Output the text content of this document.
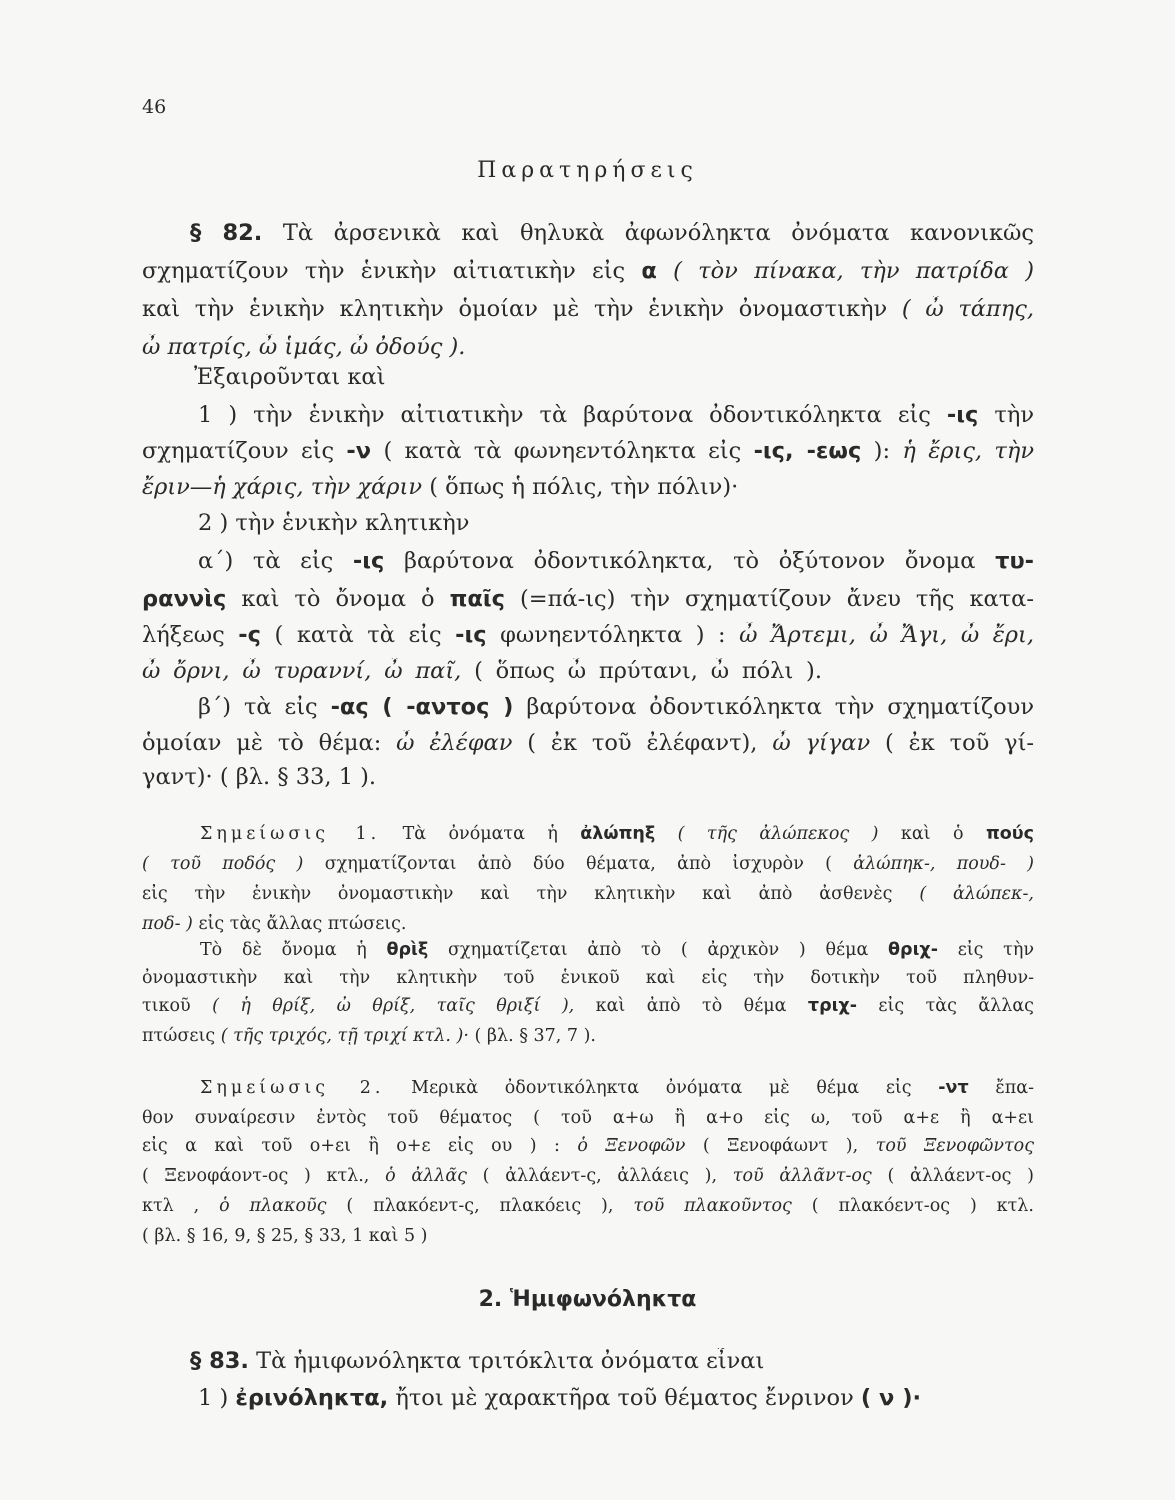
46
Παρατηρήσεις
§ 82. Τὰ ἀρσενικὰ καὶ θηλυκὰ ἀφωνόληκτα ὀνόματα κανονικῶς
σχηματίζουν τὴν ἑνικὴν αἰτιατικὴν εἰς α ( τὸν πίνακα, τὴν πατρίδα )
καὶ τὴν ἑνικὴν κλητικὴν ὁμοίαν μὲ τὴν ἑνικὴν ὀνομαστικὴν ( ὦ τάπης,
ὦ πατρίς, ὦ ἱμάς, ὦ ὀδούς ).
Ἐξαιροῦνται καὶ
1 ) τὴν ἑνικὴν αἰτιατικὴν τὰ βαρύτονα ὀδοντικόληκτα εἰς -ις τὴν
σχηματίζουν εἰς -ν ( κατὰ τὰ φωνηεντόληκτα εἰς -ις, -εως ): ἡ ἔρις, τὴν
ἔριν—ἡ χάρις, τὴν χάριν ( ὅπως ἡ πόλις, τὴν πόλιν)·
2 ) τὴν ἑνικὴν κλητικὴν
α΄) τὰ εἰς -ις βαρύτονα ὀδοντικόληκτα, τὸ ὀξύτονον ὄνομα τυ-
ραννὶς καὶ τὸ ὄνομα ὁ παῖς (=πά-ις) τὴν σχηματίζουν ἄνευ τῆς κατα-
λήξεως -ς ( κατὰ τὰ εἰς -ις φωνηεντόληκτα ) : ὦ Ἄρτεμι, ὦ Ἄγι, ὦ ἔρι,
ὦ ὄρνι, ὦ τυραννί, ὦ παῖ, ( ὅπως ὦ πρύτανι, ὦ πόλι ).
β΄) τὰ εἰς -ας ( -αντος ) βαρύτονα ὀδοντικόληκτα τὴν σχηματίζουν
ὁμοίαν μὲ τὸ θέμα: ὦ ἐλέφαν ( ἐκ τοῦ ἐλέφαντ), ὦ γίγαν ( ἐκ τοῦ γί-
γαντ)· ( βλ. § 33, 1 ).
Σημείωσις 1. Τὰ ὀνόματα ἡ ἀλώπηξ ( τῆς ἀλώπεκος ) καὶ ὁ πούς
( τοῦ ποδός ) σχηματίζονται ἀπὸ δύο θέματα, ἀπὸ ἰσχυρὸν ( ἀλώπηκ-, πουδ- )
εἰς τὴν ἑνικὴν ὀνομαστικὴν καὶ τὴν κλητικὴν καὶ ἀπὸ ἀσθενὲς ( ἀλώπεκ-,
ποδ- ) εἰς τὰς ἄλλας πτώσεις.
Τὸ δὲ ὄνομα ἡ θρὶξ σχηματίζεται ἀπὸ τὸ ( ἀρχικὸν ) θέμα θριχ- εἰς τὴν
ὀνομαστικὴν καὶ τὴν κλητικὴν τοῦ ἑνικοῦ καὶ εἰς τὴν δοτικὴν τοῦ πληθυν-
τικοῦ ( ἡ θρίξ, ὦ θρίξ, ταῖς θριξί ), καὶ ἀπὸ τὸ θέμα τριχ- εἰς τὰς ἄλλας
πτώσεις ( τῆς τριχός, τῇ τριχί κτλ. )· ( βλ. § 37, 7 ).
Σημείωσις 2. Μερικὰ ὀδοντικόληκτα ὀνόματα μὲ θέμα εἰς -ντ ἔπα-
θον συναίρεσιν ἐντὸς τοῦ θέματος ( τοῦ α+ω ἢ α+ο εἰς ω, τοῦ α+ε ἢ α+ει
εἰς α καὶ τοῦ ο+ει ἢ ο+ε εἰς ου ) : ὁ Ξενοφῶν ( Ξενοφάωντ ), τοῦ Ξενοφῶντος
( Ξενοφάοντ-ος ) κτλ., ὁ ἀλλᾶς ( ἀλλάεντ-ς, ἀλλάεις ), τοῦ ἀλλᾶντ-ος ( ἀλλάεντ-ος )
κτλ , ὁ πλακοῦς ( πλακόεντ-ς, πλακόεις ), τοῦ πλακοῦντος ( πλακόεντ-ος ) κτλ.
( βλ. § 16, 9, § 25, § 33, 1 καὶ 5 )
2. Ἡμιφωνόληκτα
§ 83. Τὰ ἡμιφωνόληκτα τριτόκλιτα ὀνόματα εἶναι
1 ) ἐρινόληκτα, ἤτοι μὲ χαρακτῆρα τοῦ θέματος ἔνρινον ( ν )·
